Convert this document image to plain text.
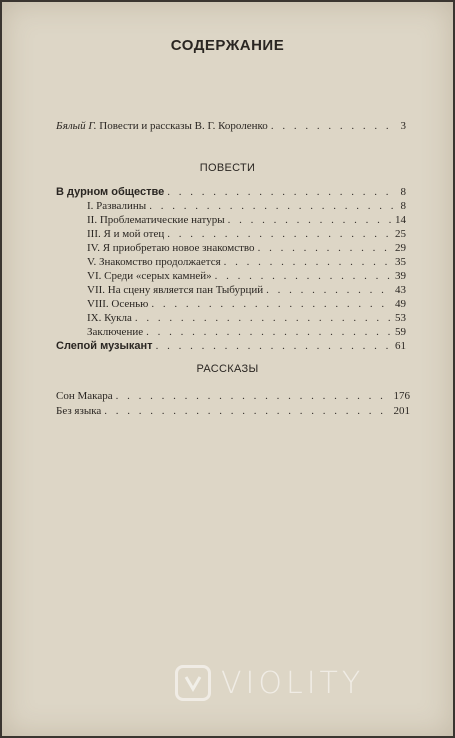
СОДЕРЖАНИЕ
Бялый Г. Повести и рассказы В. Г. Короленко . . .	3
ПОВЕСТИ
В дурном обществе . . .	8
I. Развалины . . .	8
II. Проблематические натуры . . .	14
III. Я и мой отец . . .	25
IV. Я приобретаю новое знакомство . . .	29
V. Знакомство продолжается . . .	35
VI. Среди «серых камней» . . .	39
VII. На сцену является пан Тыбурций . . .	43
VIII. Осенью . . .	49
IX. Кукла . . .	53
Заключение . . .	59
Слепой музыкант . . .	61
РАССКАЗЫ
Сон Макара . . .	176
Без языка . . .	201
VIOLITY
